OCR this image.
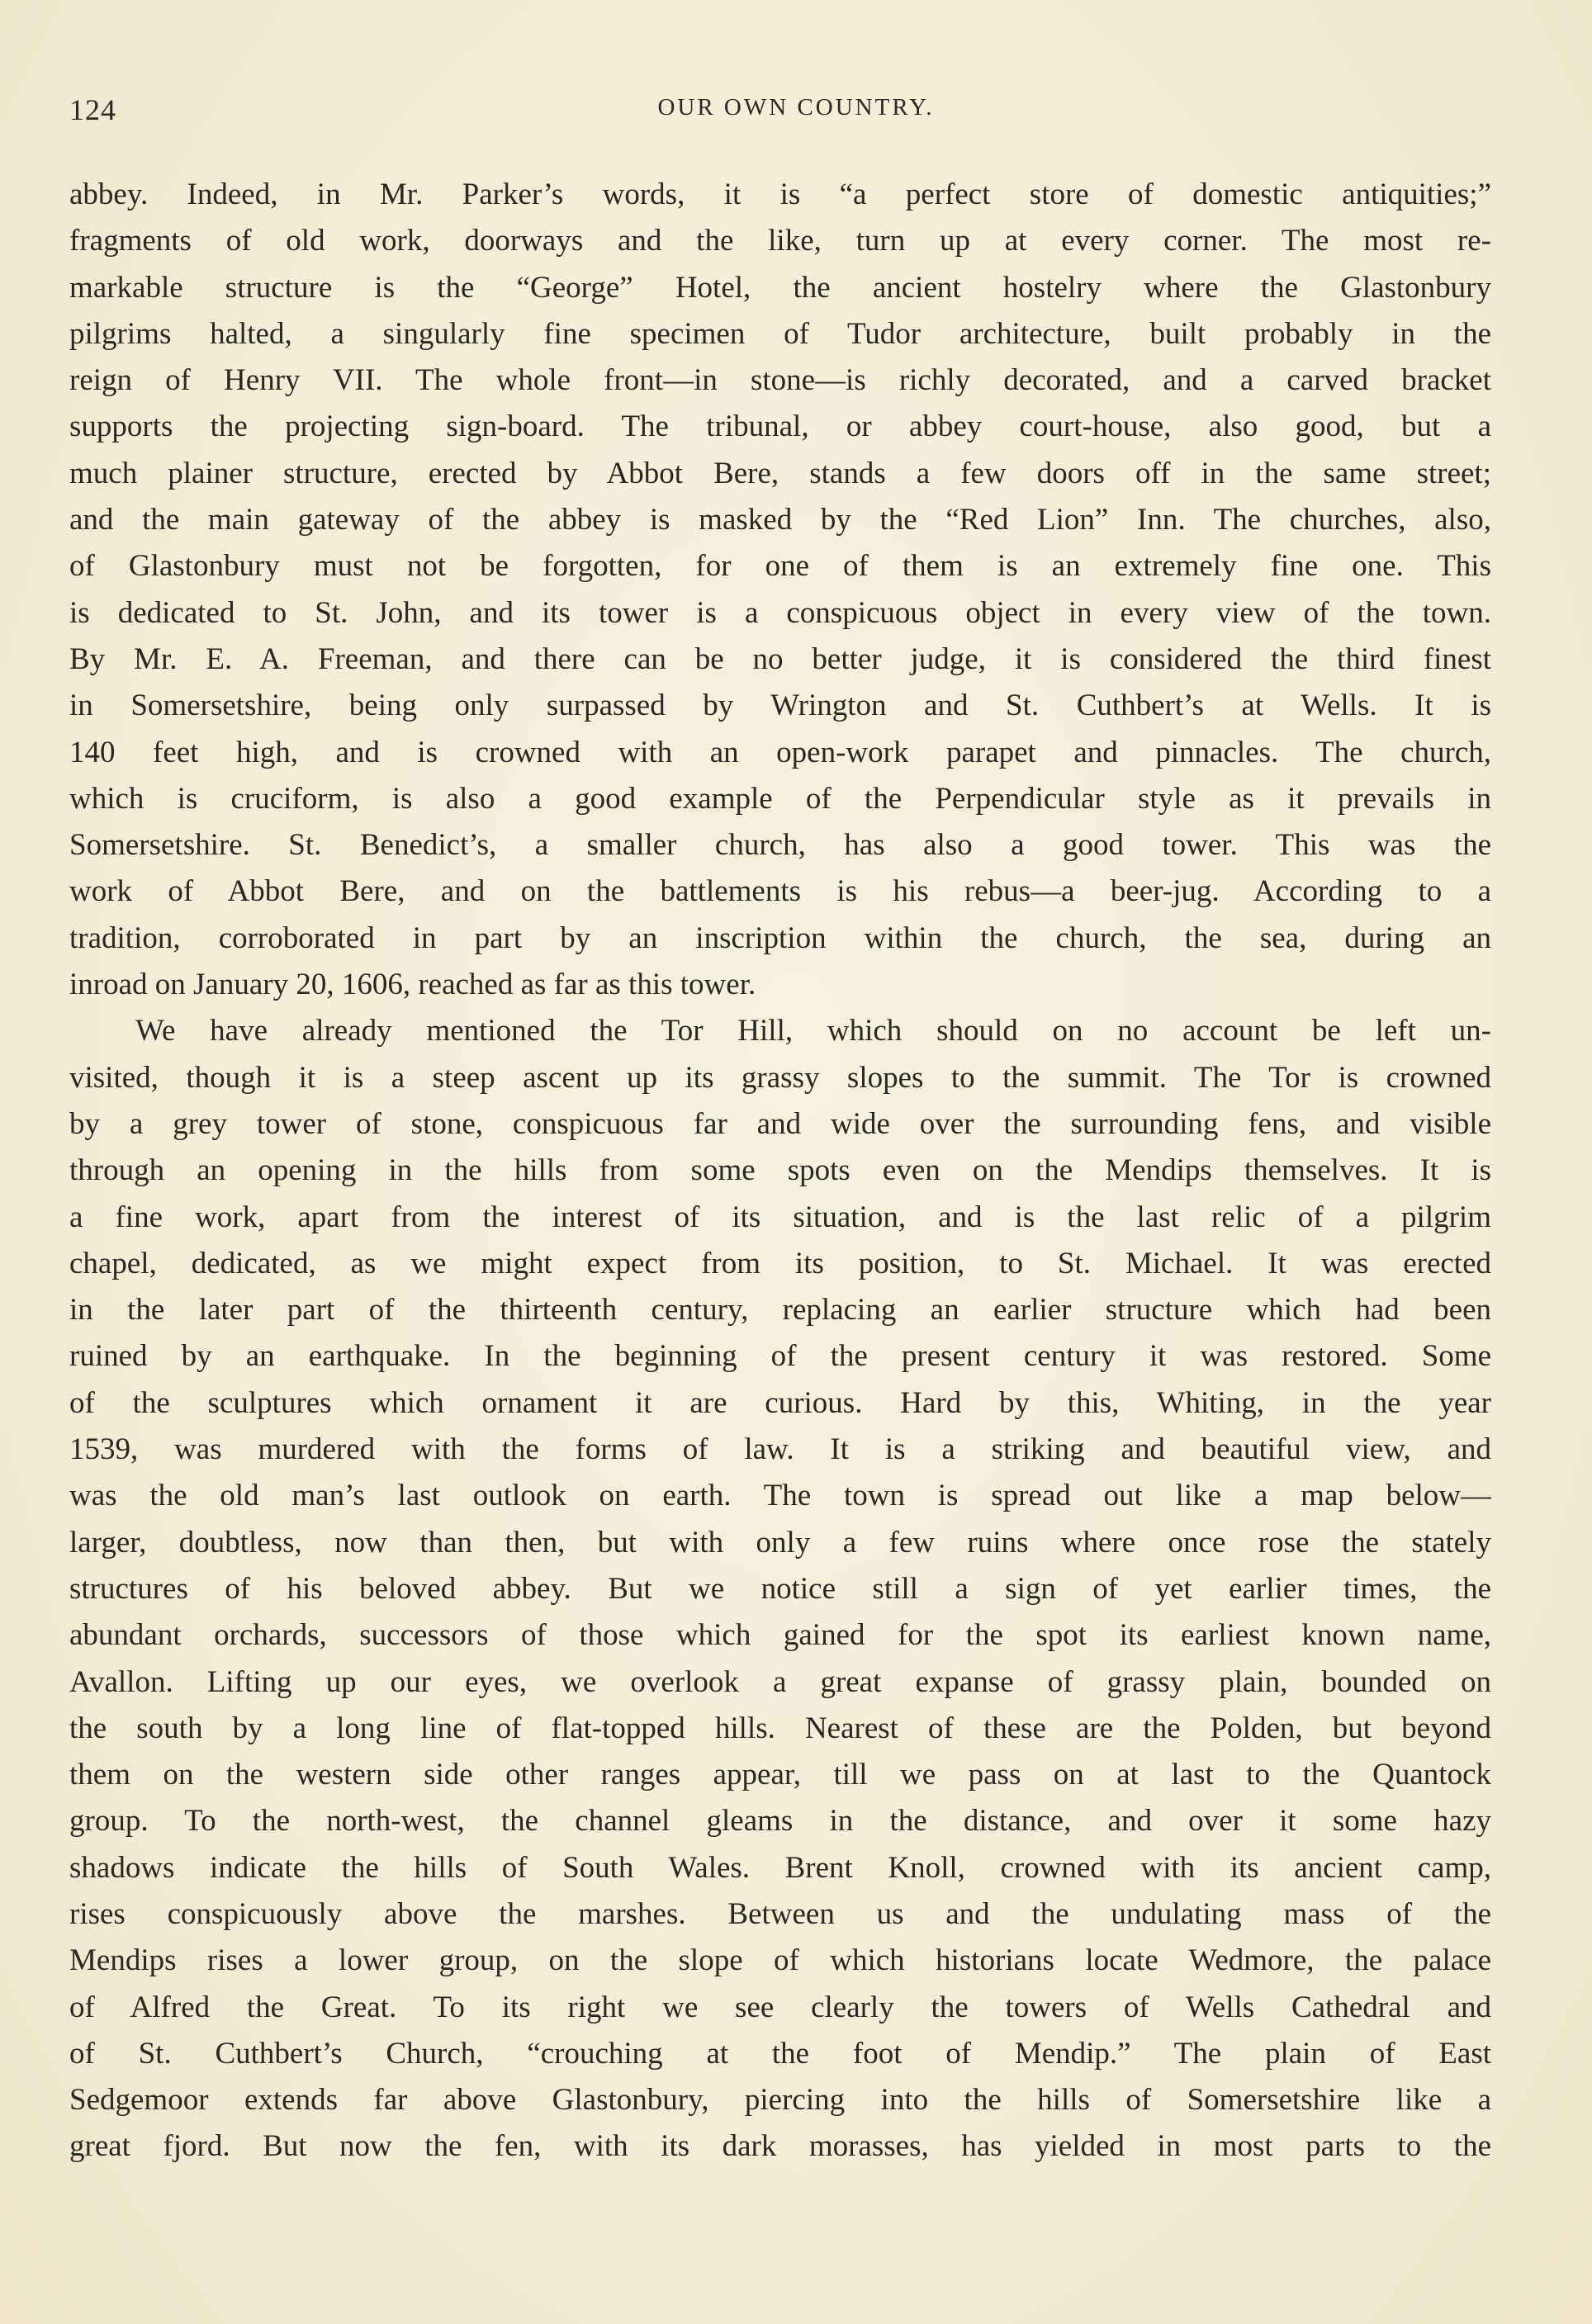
124	OUR OWN COUNTRY.
abbey. Indeed, in Mr. Parker’s words, it is “a perfect store of domestic antiquities;”
fragments of old work, doorways and the like, turn up at every corner. The most re-
markable structure is the “George” Hotel, the ancient hostelry where the Glastonbury
pilgrims halted, a singularly fine specimen of Tudor architecture, built probably in the
reign of Henry VII. The whole front—in stone—is richly decorated, and a carved bracket
supports the projecting sign-board. The tribunal, or abbey court-house, also good, but a
much plainer structure, erected by Abbot Bere, stands a few doors off in the same street;
and the main gateway of the abbey is masked by the “Red Lion” Inn. The churches, also,
of Glastonbury must not be forgotten, for one of them is an extremely fine one. This
is dedicated to St. John, and its tower is a conspicuous object in every view of the town.
By Mr. E. A. Freeman, and there can be no better judge, it is considered the third finest
in Somersetshire, being only surpassed by Wrington and St. Cuthbert’s at Wells. It is
140 feet high, and is crowned with an open-work parapet and pinnacles. The church,
which is cruciform, is also a good example of the Perpendicular style as it prevails in
Somersetshire. St. Benedict’s, a smaller church, has also a good tower. This was the
work of Abbot Bere, and on the battlements is his rebus—a beer-jug. According to a
tradition, corroborated in part by an inscription within the church, the sea, during an
inroad on January 20, 1606, reached as far as this tower.
We have already mentioned the Tor Hill, which should on no account be left un-
visited, though it is a steep ascent up its grassy slopes to the summit. The Tor is crowned
by a grey tower of stone, conspicuous far and wide over the surrounding fens, and visible
through an opening in the hills from some spots even on the Mendips themselves. It is
a fine work, apart from the interest of its situation, and is the last relic of a pilgrim
chapel, dedicated, as we might expect from its position, to St. Michael. It was erected
in the later part of the thirteenth century, replacing an earlier structure which had been
ruined by an earthquake. In the beginning of the present century it was restored. Some
of the sculptures which ornament it are curious. Hard by this, Whiting, in the year
1539, was murdered with the forms of law. It is a striking and beautiful view, and
was the old man’s last outlook on earth. The town is spread out like a map below—
larger, doubtless, now than then, but with only a few ruins where once rose the stately
structures of his beloved abbey. But we notice still a sign of yet earlier times, the
abundant orchards, successors of those which gained for the spot its earliest known name,
Avallon. Lifting up our eyes, we overlook a great expanse of grassy plain, bounded on
the south by a long line of flat-topped hills. Nearest of these are the Polden, but beyond
them on the western side other ranges appear, till we pass on at last to the Quantock
group. To the north-west, the channel gleams in the distance, and over it some hazy
shadows indicate the hills of South Wales. Brent Knoll, crowned with its ancient camp,
rises conspicuously above the marshes. Between us and the undulating mass of the
Mendips rises a lower group, on the slope of which historians locate Wedmore, the palace
of Alfred the Great. To its right we see clearly the towers of Wells Cathedral and
of St. Cuthbert’s Church, “crouching at the foot of Mendip.” The plain of East
Sedgemoor extends far above Glastonbury, piercing into the hills of Somersetshire like a
great fjord. But now the fen, with its dark morasses, has yielded in most parts to the
